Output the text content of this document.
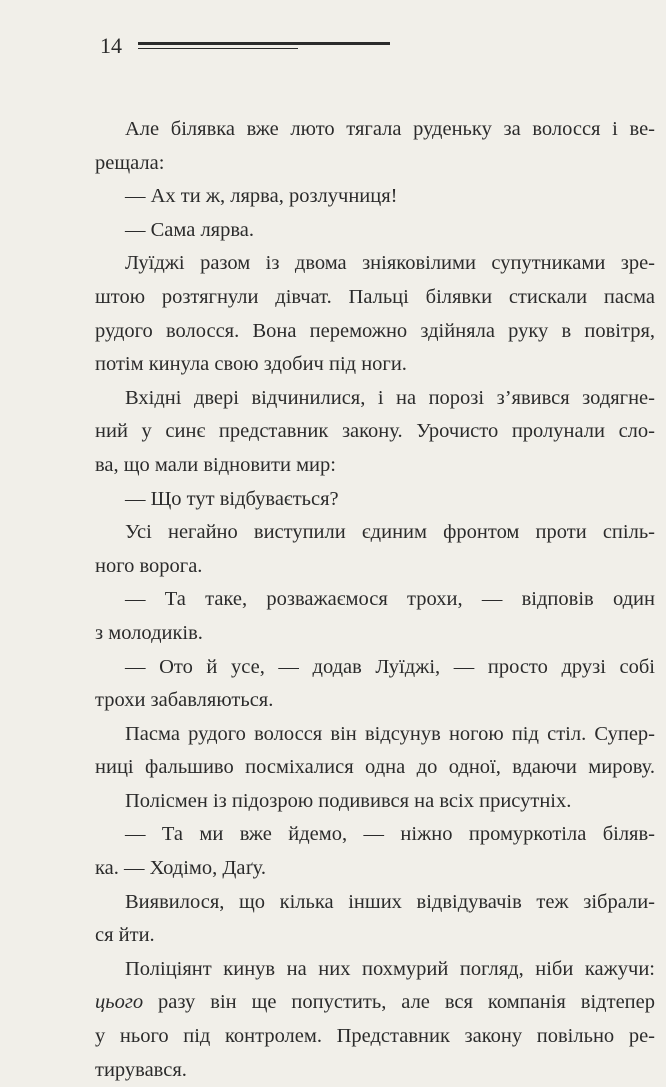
14
Але білявка вже люто тягала руденьку за волосся і ве-
рещала:
— Ах ти ж, лярва, розлучниця!
— Сама лярва.
Луїджі разом із двома зніяковілими супутниками зре-
штою розтягнули дівчат. Пальці білявки стискали пасма
рудого волосся. Вона переможно здійняла руку в повітря,
потім кинула свою здобич під ноги.
Вхідні двері відчинилися, і на порозі з’явився зодягне-
ний у синє представник закону. Урочисто пролунали сло-
ва, що мали відновити мир:
— Що тут відбувається?
Усі негайно виступили єдиним фронтом проти спіль-
ного ворога.
— Та таке, розважаємося трохи, — відповів один
з молодиків.
— Ото й усе, — додав Луїджі, — просто друзі собі
трохи забавляються.
Пасма рудого волосся він відсунув ногою під стіл. Супер-
ниці фальшиво посміхалися одна до одної, вдаючи мирову.
Полісмен із підозрою подивився на всіх присутніх.
— Та ми вже йдемо, — ніжно промуркотіла біляв-
ка. — Ходімо, Даґу.
Виявилося, що кілька інших відвідувачів теж зібрали-
ся йти.
Поліціянт кинув на них похмурий погляд, ніби кажучи:
цього разу він ще попустить, але вся компанія відтепер
у нього під контролем. Представник закону повільно ре-
тирувався.
